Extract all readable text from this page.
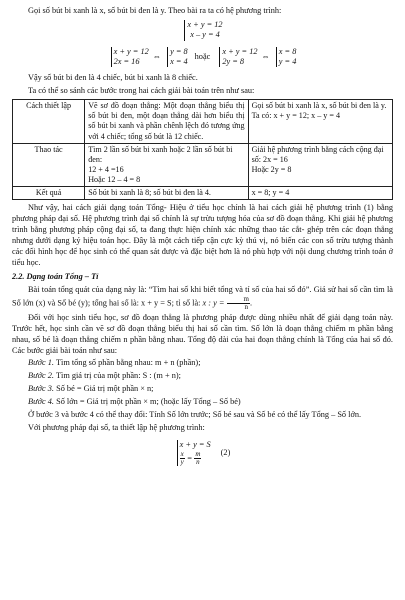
Gọi số bút bi xanh là x, số bút bi đen là y. Theo bài ra ta có hệ phương trình:

x + y = 12
x – y = 4
x + y = 12
2x = 16
⇔
y = 8
x = 4
hoặc
x + y = 12
2y = 8
⇔
x = 8
y = 4

Vậy số bút bi đen là 4 chiếc, bút bi xanh là 8 chiếc.

Ta có thể so sánh các bước trong hai cách giải bài toán trên như sau:

Cách thiết lập	Vẽ sơ đồ đoạn thẳng: Một đoạn thẳng biểu thị số bút bi đen, một đoạn thẳng dài hơn biểu thị số bút bi xanh và phần chênh lệch đó tương ứng với 4 chiếc; tổng số bút là 12 chiếc.	Gọi số bút bi xanh là x, số bút bi đen là y. Ta có: x + y = 12; x – y = 4
Thao tác	Tìm 2 lần số bút bi xanh hoặc 2 lần số bút bi đen:
12 + 4 =16
Hoặc 12 – 4 = 8	Giải hệ phương trình bằng cách cộng đại số: 2x = 16
Hoặc 2y = 8
Kết quả	Số bút bi xanh là 8; số bút bi đen là 4.	x = 8; y = 4

Như vậy, hai cách giải dạng toán Tổng- Hiệu ở tiểu học chính là hai cách giải hệ phương trình (1) bằng phương pháp đại số. Hệ phương trình đại số chính là sự trừu tượng hóa của sơ đồ đoạn thẳng. Khi giải hệ phương trình bằng phương pháp cộng đại số, ta đang thực hiện chính xác những thao tác cắt- ghép trên các đoạn thẳng nhưng dưới dạng ký hiệu toán học. Đây là một cách tiếp cận cực kỳ thú vị, nó biến các con số trừu tượng thành các đối hình học để học sinh có thể quan sát được và đặc biệt hơn là nó phù hợp với nội dung chương trình toán ở tiểu học.

2.2. Dạng toán Tổng – Tỉ

Bài toán tổng quát của dạng này là: “Tìm hai số khi biết tổng và tỉ số của hai số đó”. Giả sử hai số cần tìm là Số lớn (x) và Số bé (y); tổng hai số là: x + y = S; tỉ số là: x : $y = \frac{m}{n}$ .

Đối với học sinh tiểu học, sơ đồ đoạn thẳng là phương pháp được dùng nhiều nhất để giải dạng toán này. Trước hết, học sinh cần vẽ sơ đồ đoạn thẳng biểu thị hai số cần tìm. Số lớn là đoạn thẳng chiếm m phần bằng nhau, số bé là đoạn thẳng chiếm n phần bằng nhau. Tổng độ dài của hai đoạn thẳng chính là Tổng của hai số đó. Các bước giải bài toán như sau:

Bước 1. Tìm tổng số phần bằng nhau: m + n (phần);

Bước 2. Tìm giá trị của một phần: S : (m + n);

Bước 3. Số bé = Giá trị một phần × n;

Bước 4. Số lớn = Giá trị một phần × m; (hoặc lấy Tổng – Số bé)

Ở bước 3 và bước 4 có thể thay đổi: Tính Số lớn trước; Số bé sau và Số bé có thể lấy Tổng – Số lớn.

Với phương pháp đại số, ta thiết lập hệ phương trình:

x + y = S
$\frac{x}{y} = \frac{m}{n} (2)$
